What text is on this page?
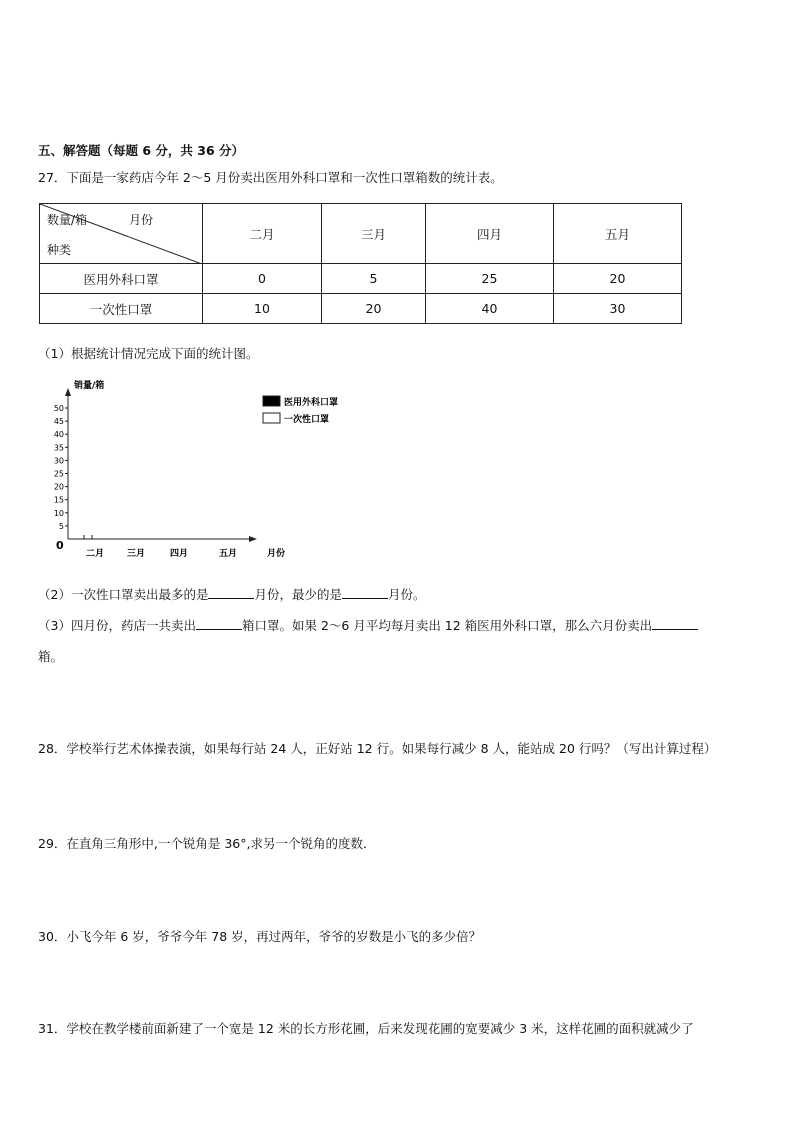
五、解答题（每题 6 分，共 36 分）
27．下面是一家药店今年 2～5 月份卖出医用外科口罩和一次性口罩箱数的统计表。
数量/箱 月份
种类	二月	三月	四月	五月
医用外科口罩	0	5	25	20
一次性口罩	10	20	40	30
（1）根据统计情况完成下面的统计图。
销量/箱
0
5
10
15
20
25
30
35
40
45
50
二月	三月	四月	五月	月份
医用外科口罩
一次性口罩
（2）一次性口罩卖出最多的是	月份，最少的是	月份。
（3）四月份，药店一共卖出	箱口罩。如果 2～6 月平均每月卖出 12 箱医用外科口罩，那么六月份卖出
箱。
28．学校举行艺术体操表演，如果每行站 24 人，正好站 12 行。如果每行减少 8 人，能站成 20 行吗？（写出计算过程）
29．在直角三角形中,一个锐角是 36°,求另一个锐角的度数．
30．小飞今年 6 岁，爷爷今年 78 岁，再过两年，爷爷的岁数是小飞的多少倍？
31．学校在教学楼前面新建了一个宽是 12 米的长方形花圃，后来发现花圃的宽要减少 3 米，这样花圃的面积就减少了
